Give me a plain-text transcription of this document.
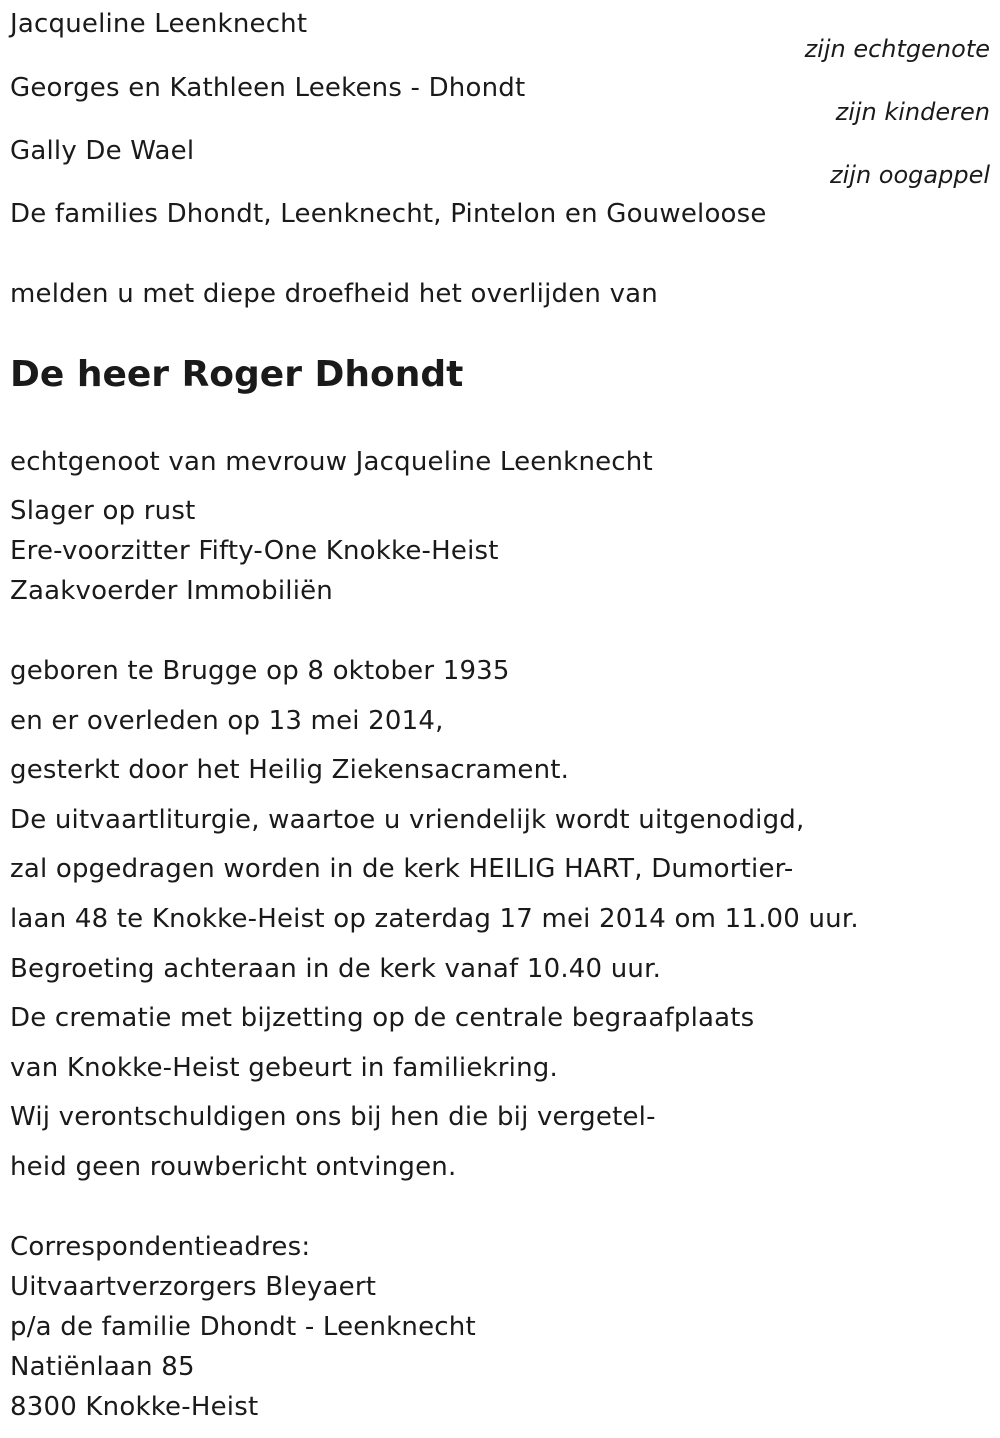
Jacqueline Leenknecht
zijn echtgenote
Georges en Kathleen Leekens - Dhondt
zijn kinderen
Gally De Wael
zijn oogappel
De families Dhondt, Leenknecht, Pintelon en Gouweloose
melden u met diepe droefheid het overlijden van
De heer Roger Dhondt
echtgenoot van mevrouw Jacqueline Leenknecht
Slager op rust
Ere-voorzitter Fifty-One Knokke-Heist
Zaakvoerder Immobiliën
geboren te Brugge op 8 oktober 1935
en er overleden op 13 mei 2014,
gesterkt door het Heilig Ziekensacrament.
De uitvaartliturgie, waartoe u vriendelijk wordt uitgenodigd,
zal opgedragen worden in de kerk HEILIG HART, Dumortier-
laan 48 te Knokke-Heist op zaterdag 17 mei 2014 om 11.00 uur.
Begroeting achteraan in de kerk vanaf 10.40 uur.
De crematie met bijzetting op de centrale begraafplaats
van Knokke-Heist gebeurt in familiekring.
Wij verontschuldigen ons bij hen die bij vergetel-
heid geen rouwbericht ontvingen.
Correspondentieadres:
Uitvaartverzorgers Bleyaert
p/a de familie Dhondt - Leenknecht
Natiënlaan 85
8300 Knokke-Heist
